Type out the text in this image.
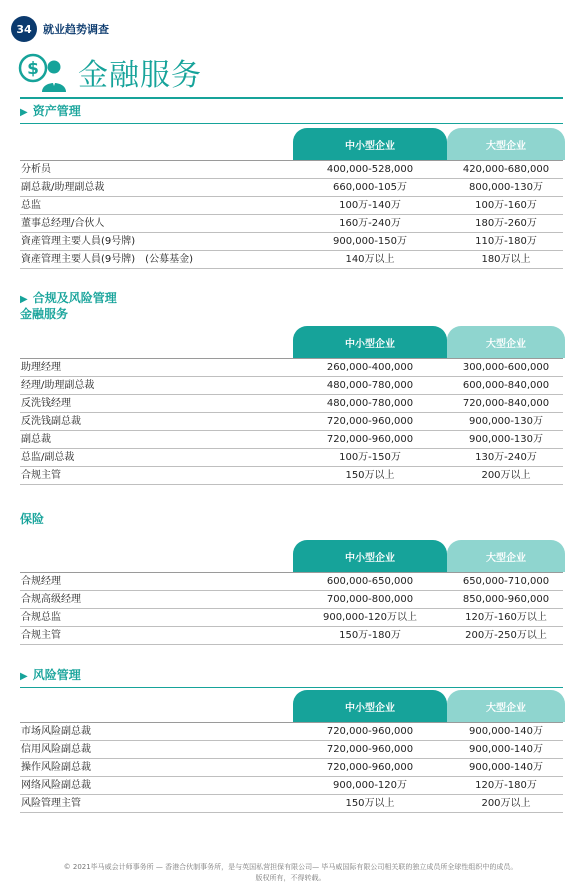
34	就业趋势调查
$ 金融服务
▶ 资产管理
中小型企业	大型企业
分析员	400,000-528,000	420,000-680,000
副总裁/助理副总裁	660,000-105万	800,000-130万
总监	100万-140万	100万-160万
董事总经理/合伙人	160万-240万	180万-260万
資產管理主要人員(9号牌)	900,000-150万	110万-180万
資產管理主要人員(9号牌)　(公募基金)	140万以上	180万以上
▶ 合规及风险管理
金融服务
中小型企业	大型企业
助理经理	260,000-400,000	300,000-600,000
经理/助理副总裁	480,000-780,000	600,000-840,000
反洗钱经理	480,000-780,000	720,000-840,000
反洗钱副总裁	720,000-960,000	900,000-130万
副总裁	720,000-960,000	900,000-130万
总监/副总裁	100万-150万	130万-240万
合规主管	150万以上	200万以上
保险
中小型企业	大型企业
合规经理	600,000-650,000	650,000-710,000
合规高级经理	700,000-800,000	850,000-960,000
合规总监	900,000-120万以上	120万-160万以上
合规主管	150万-180万	200万-250万以上
▶ 风险管理
中小型企业	大型企业
市场风险副总裁	720,000-960,000	900,000-140万
信用风险副总裁	720,000-960,000	900,000-140万
操作风险副总裁	720,000-960,000	900,000-140万
网络风险副总裁	900,000-120万	120万-180万
风险管理主管	150万以上	200万以上
© 2021毕马威会计师事务所 — 香港合伙制事务所，是与英国私营担保有限公司— 毕马威国际有限公司相关联的独立成员所全球性组织中的成员。
版权所有，不得转载。
